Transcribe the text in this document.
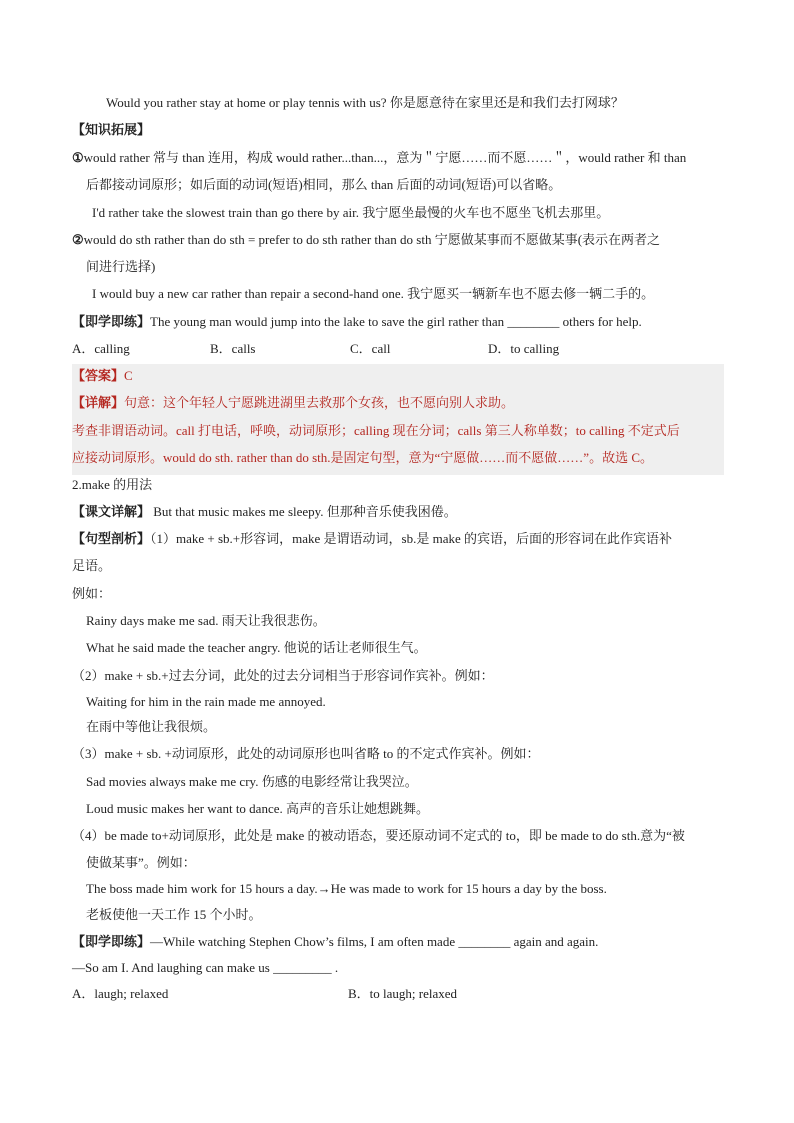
Would you rather stay at home or play tennis with us? 你是愿意待在家里还是和我们去打网球？
【知识拓展】
①would rather 常与 than 连用，构成 would rather...than...，意为＂宁愿……而不愿……＂，would rather 和 than
后都接动词原形；如后面的动词(短语)相同，那么 than 后面的动词(短语)可以省略。
I'd rather take the slowest train than go there by air. 我宁愿坐最慢的火车也不愿坐飞机去那里。
②would do sth rather than do sth = prefer to do sth rather than do sth 宁愿做某事而不愿做某事(表示在两者之
间进行选择)
I would buy a new car rather than repair a second-hand one. 我宁愿买一辆新车也不愿去修一辆二手的。
【即学即练】The young man would jump into the lake to save the girl rather than ________ others for help.
A．calling	B．calls	C．call	D．to calling
【答案】C
【详解】句意：这个年轻人宁愿跳进湖里去救那个女孩，也不愿向别人求助。
考查非谓语动词。call 打电话，呼唤，动词原形；calling 现在分词；calls 第三人称单数；to calling 不定式后
应接动词原形。would do sth. rather than do sth.是固定句型，意为“宁愿做……而不愿做……”。故选 C。
2.make 的用法
【课文详解】 But that music makes me sleepy. 但那种音乐使我困倦。
【句型剖析】（1）make + sb.+形容词，make 是谓语动词，sb.是 make 的宾语，后面的形容词在此作宾语补
足语。
例如：
Rainy days make me sad. 雨天让我很悲伤。
What he said made the teacher angry. 他说的话让老师很生气。
（2）make + sb.+过去分词，此处的过去分词相当于形容词作宾补。例如：
Waiting for him in the rain made me annoyed.
在雨中等他让我很烦。
（3）make + sb. +动词原形，此处的动词原形也叫省略 to 的不定式作宾补。例如：
Sad movies always make me cry. 伤感的电影经常让我哭泣。
Loud music makes her want to dance. 高声的音乐让她想跳舞。
（4）be made to+动词原形，此处是 make 的被动语态，要还原动词不定式的 to，即 be made to do sth.意为“被
使做某事”。例如：
The boss made him work for 15 hours a day.→He was made to work for 15 hours a day by the boss.
老板使他一天工作 15 个小时。
【即学即练】—While watching Stephen Chow’s films, I am often made ________ again and again.
—So am I. And laughing can make us _________ .
A．laugh; relaxed	B．to laugh; relaxed
